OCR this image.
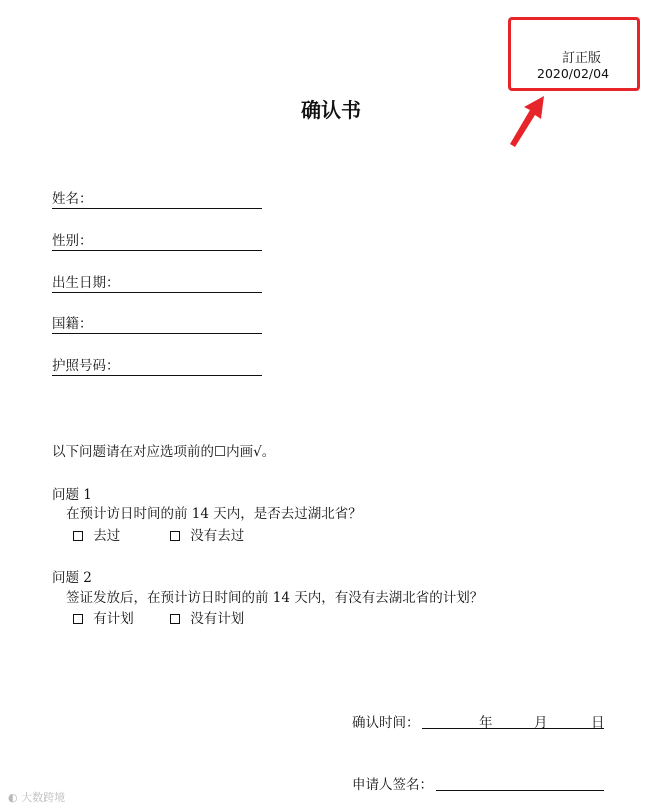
訂正版
2020/02/04
确认书
姓名：
性别：
出生日期：
国籍：
护照号码：
以下问题请在对应选项前的☐内画√。
问题 1
在预计访日时间的前 14 天内，是否去过湖北省？
去过	没有去过
问题 2
签证发放后，在预计访日时间的前 14 天内，有没有去湖北省的计划？
有计划	没有计划
确认时间：	年	月	日
申请人签名：
◐ 大数跨境
